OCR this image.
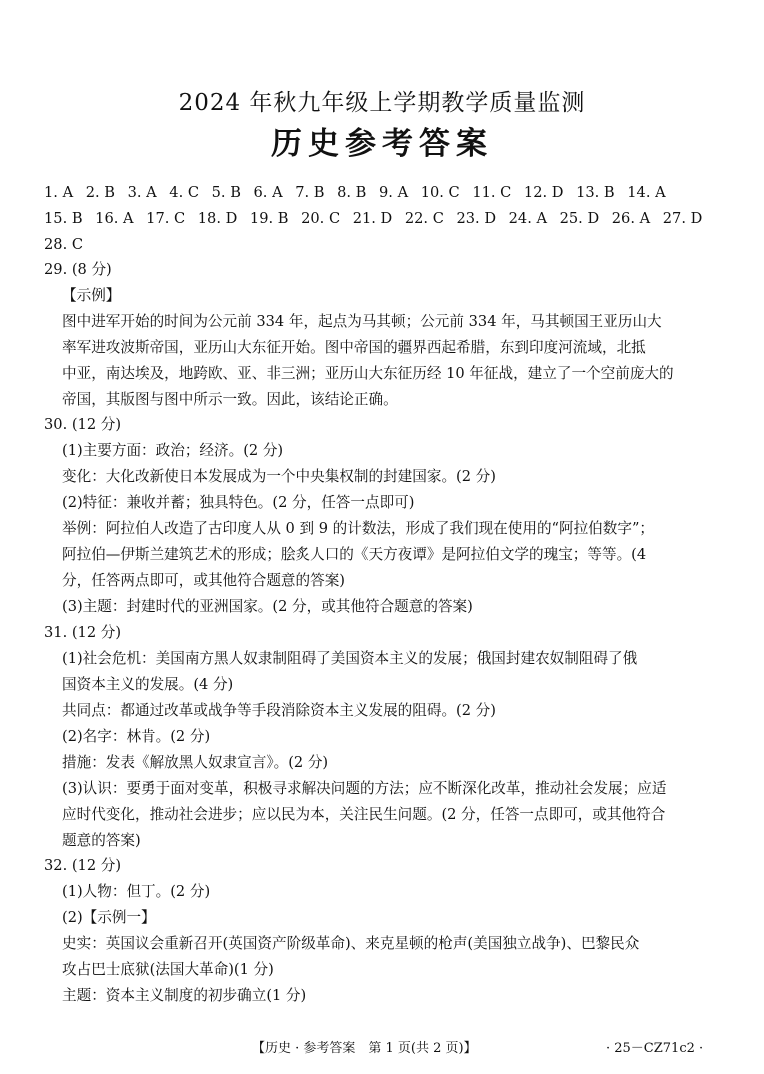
2024 年秋九年级上学期教学质量监测
历史参考答案
1. A 2. B 3. A 4. C 5. B 6. A 7. B 8. B 9. A 10. C 11. C 12. D 13. B 14. A
15. B 16. A 17. C 18. D 19. B 20. C 21. D 22. C 23. D 24. A 25. D 26. A 27. D
28. C
29. (8 分)
【示例】
图中进军开始的时间为公元前 334 年，起点为马其顿；公元前 334 年，马其顿国王亚历山大
率军进攻波斯帝国，亚历山大东征开始。图中帝国的疆界西起希腊，东到印度河流域，北抵
中亚，南达埃及，地跨欧、亚、非三洲；亚历山大东征历经 10 年征战，建立了一个空前庞大的
帝国，其版图与图中所示一致。因此，该结论正确。
30. (12 分)
(1)主要方面：政治；经济。(2 分)
变化：大化改新使日本发展成为一个中央集权制的封建国家。(2 分)
(2)特征：兼收并蓄；独具特色。(2 分，任答一点即可)
举例：阿拉伯人改造了古印度人从 0 到 9 的计数法，形成了我们现在使用的“阿拉伯数字”；
阿拉伯—伊斯兰建筑艺术的形成；脍炙人口的《天方夜谭》是阿拉伯文学的瑰宝；等等。(4
分，任答两点即可，或其他符合题意的答案)
(3)主题：封建时代的亚洲国家。(2 分，或其他符合题意的答案)
31. (12 分)
(1)社会危机：美国南方黑人奴隶制阻碍了美国资本主义的发展；俄国封建农奴制阻碍了俄
国资本主义的发展。(4 分)
共同点：都通过改革或战争等手段消除资本主义发展的阻碍。(2 分)
(2)名字：林肯。(2 分)
措施：发表《解放黑人奴隶宣言》。(2 分)
(3)认识：要勇于面对变革，积极寻求解决问题的方法；应不断深化改革，推动社会发展；应适
应时代变化，推动社会进步；应以民为本，关注民生问题。(2 分，任答一点即可，或其他符合
题意的答案)
32. (12 分)
(1)人物：但丁。(2 分)
(2)【示例一】
史实：英国议会重新召开(英国资产阶级革命)、来克星顿的枪声(美国独立战争)、巴黎民众
攻占巴士底狱(法国大革命)(1 分)
主题：资本主义制度的初步确立(1 分)
【历史 · 参考答案　第 1 页(共 2 页)】	· 25－CZ71c2 ·
